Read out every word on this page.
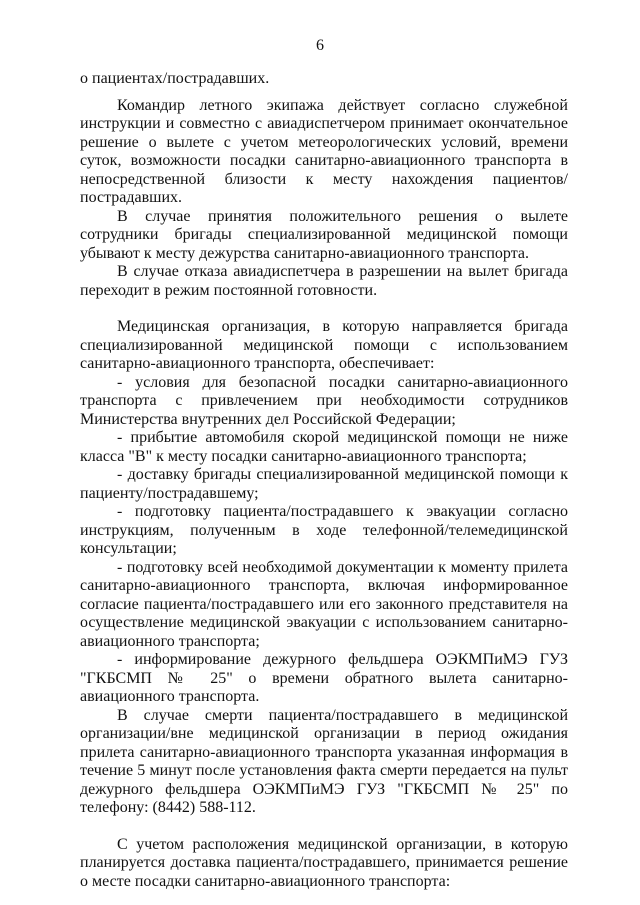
6

о пациентах/пострадавших.

Командир летного экипажа действует согласно служебной инструкции и совместно с авиадиспетчером принимает окончательное решение о вылете с учетом метеорологических условий, времени суток, возможности посадки санитарно-авиационного транспорта в непосредственной близости к месту нахождения пациентов/пострадавших.

В случае принятия положительного решения о вылете сотрудники бригады специализированной медицинской помощи убывают к месту дежурства санитарно-авиационного транспорта.

В случае отказа авиадиспетчера в разрешении на вылет бригада переходит в режим постоянной готовности.

Медицинская организация, в которую направляется бригада специализированной медицинской помощи с использованием санитарно-авиационного транспорта, обеспечивает:

- условия для безопасной посадки санитарно-авиационного транспорта с привлечением при необходимости сотрудников Министерства внутренних дел Российской Федерации;

- прибытие автомобиля скорой медицинской помощи не ниже класса "В" к месту посадки санитарно-авиационного транспорта;

- доставку бригады специализированной медицинской помощи к пациенту/пострадавшему;

- подготовку пациента/пострадавшего к эвакуации согласно инструкциям, полученным в ходе телефонной/телемедицинской консультации;

- подготовку всей необходимой документации к моменту прилета санитарно-авиационного транспорта, включая информированное согласие пациента/пострадавшего или его законного представителя на осуществление медицинской эвакуации с использованием санитарно-авиационного транспорта;

- информирование дежурного фельдшера ОЭКМПиМЭ ГУЗ "ГКБСМП № 25" о времени обратного вылета санитарно-авиационного транспорта.

В случае смерти пациента/пострадавшего в медицинской организации/вне медицинской организации в период ожидания прилета санитарно-авиационного транспорта указанная информация в течение 5 минут после установления факта смерти передается на пульт дежурного фельдшера ОЭКМПиМЭ ГУЗ "ГКБСМП № 25" по телефону: (8442) 588-112.

С учетом расположения медицинской организации, в которую планируется доставка пациента/пострадавшего, принимается решение о месте посадки санитарно-авиационного транспорта:
